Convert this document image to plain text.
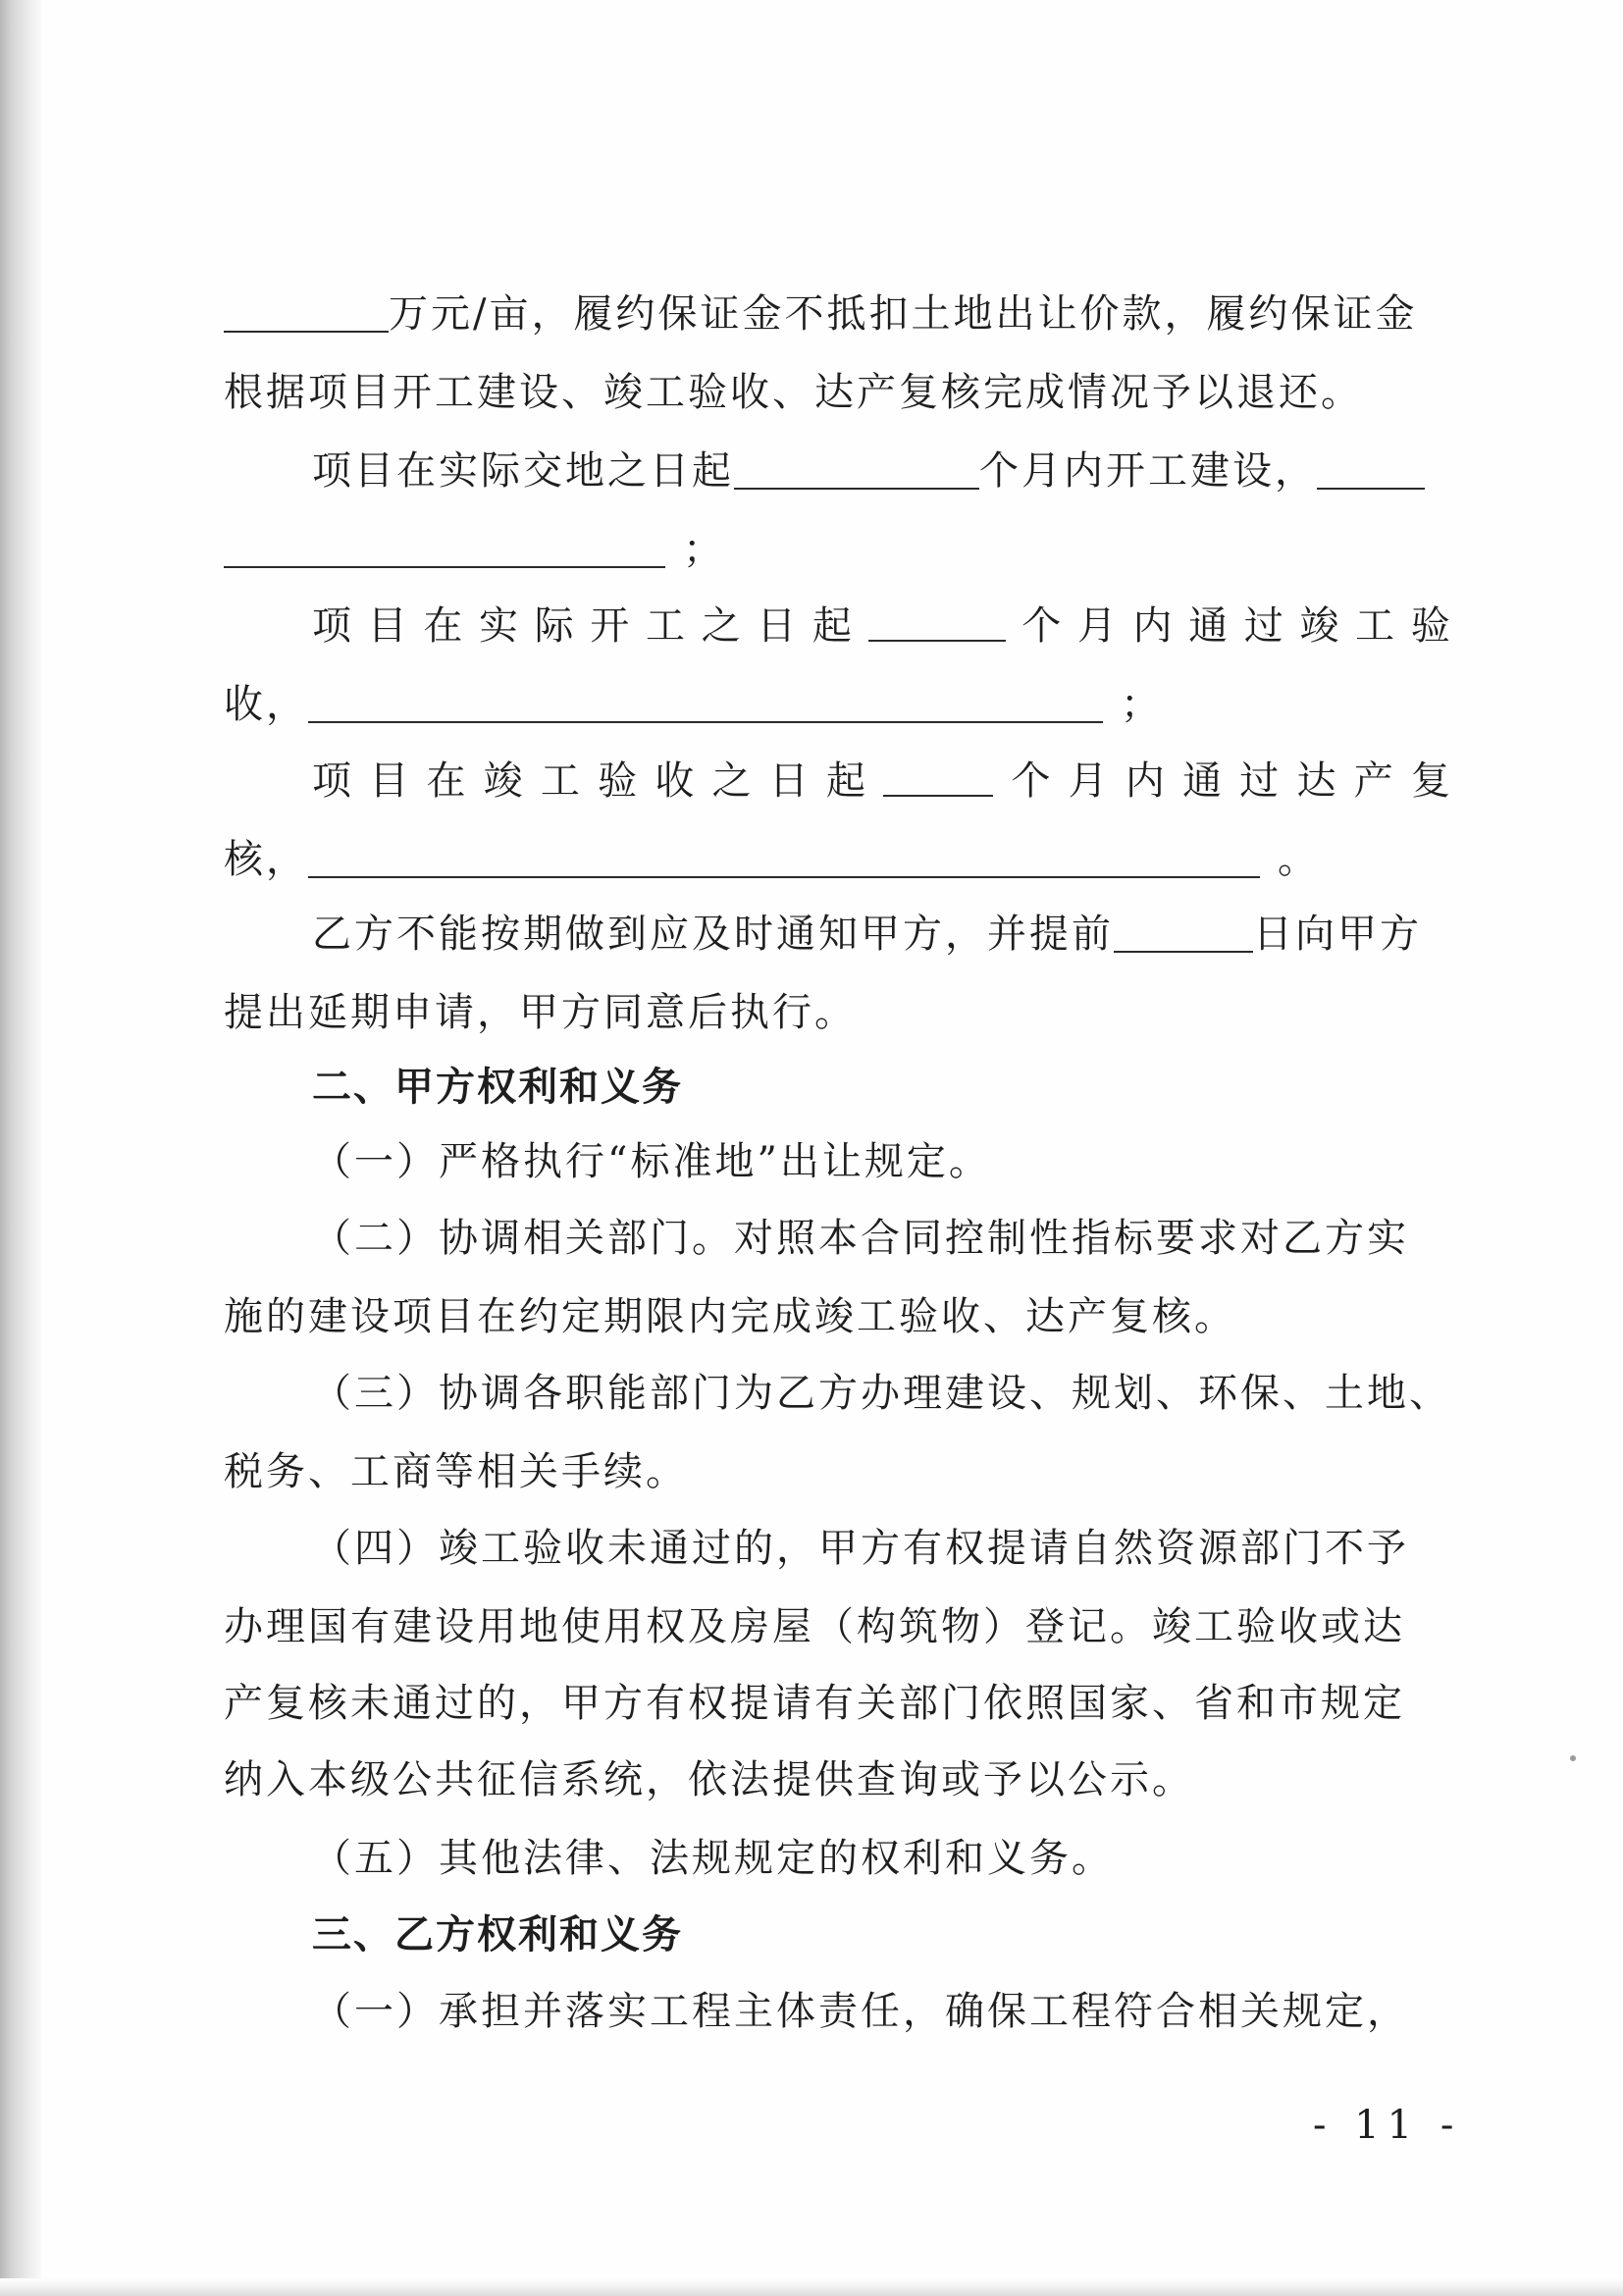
万元/亩，履约保证金不抵扣土地出让价款，履约保证金
根据项目开工建设、竣工验收、达产复核完成情况予以退还。
项目在实际交地之日起	个月内开工建设，
；
项 目 在 实 际 开 工 之 日 起	个 月 内 通 过 竣 工 验
收，	；
项 目 在 竣 工 验 收 之 日 起	个 月 内 通 过 达 产 复
核，	。
乙方不能按期做到应及时通知甲方，并提前	日向甲方
提出延期申请，甲方同意后执行。
二、甲方权利和义务
（一）严格执行“标准地”出让规定。
（二）协调相关部门。对照本合同控制性指标要求对乙方实
施的建设项目在约定期限内完成竣工验收、达产复核。
（三）协调各职能部门为乙方办理建设、规划、环保、土地、
税务、工商等相关手续。
（四）竣工验收未通过的，甲方有权提请自然资源部门不予
办理国有建设用地使用权及房屋（构筑物）登记。竣工验收或达
产复核未通过的，甲方有权提请有关部门依照国家、省和市规定
纳入本级公共征信系统，依法提供查询或予以公示。
（五）其他法律、法规规定的权利和义务。
三、乙方权利和义务
（一）承担并落实工程主体责任，确保工程符合相关规定，
- 11 -
